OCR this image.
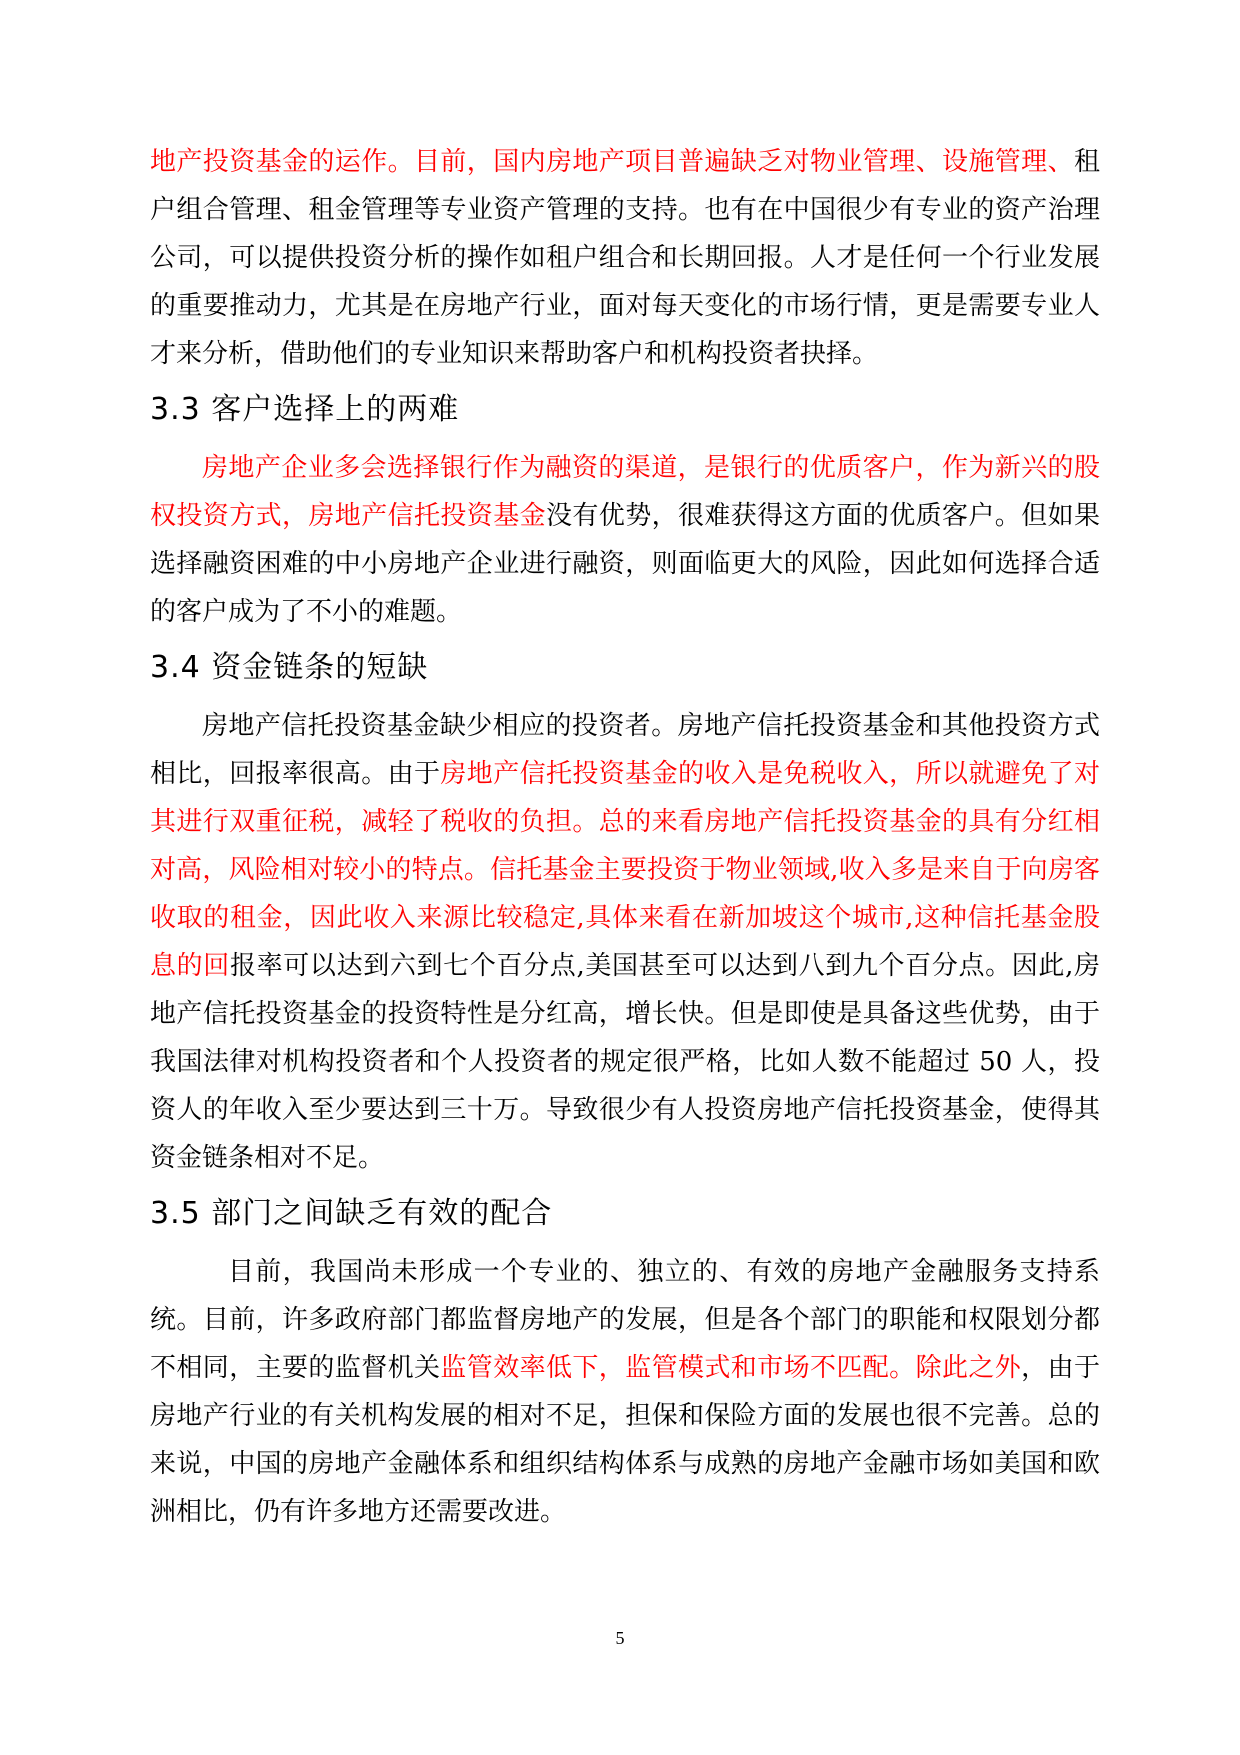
地产投资基金的运作。目前，国内房地产项目普遍缺乏对物业管理、设施管理、租户组合管理、租金管理等专业资产管理的支持。也有在中国很少有专业的资产治理公司，可以提供投资分析的操作如租户组合和长期回报。人才是任何一个行业发展的重要推动力，尤其是在房地产行业，面对每天变化的市场行情，更是需要专业人才来分析，借助他们的专业知识来帮助客户和机构投资者抉择。

3.3 客户选择上的两难

房地产企业多会选择银行作为融资的渠道，是银行的优质客户，作为新兴的股权投资方式，房地产信托投资基金没有优势，很难获得这方面的优质客户。但如果选择融资困难的中小房地产企业进行融资，则面临更大的风险，因此如何选择合适的客户成为了不小的难题。

3.4 资金链条的短缺

房地产信托投资基金缺少相应的投资者。房地产信托投资基金和其他投资方式相比，回报率很高。由于房地产信托投资基金的收入是免税收入，所以就避免了对其进行双重征税，减轻了税收的负担。总的来看房地产信托投资基金的具有分红相对高，风险相对较小的特点。信托基金主要投资于物业领域,收入多是来自于向房客收取的租金，因此收入来源比较稳定,具体来看在新加坡这个城市,这种信托基金股息的回报率可以达到六到七个百分点,美国甚至可以达到八到九个百分点。因此,房地产信托投资基金的投资特性是分红高，增长快。但是即使是具备这些优势，由于我国法律对机构投资者和个人投资者的规定很严格，比如人数不能超过 50 人，投资人的年收入至少要达到三十万。导致很少有人投资房地产信托投资基金，使得其资金链条相对不足。

3.5 部门之间缺乏有效的配合

目前，我国尚未形成一个专业的、独立的、有效的房地产金融服务支持系统。目前，许多政府部门都监督房地产的发展，但是各个部门的职能和权限划分都不相同，主要的监督机关监管效率低下，监管模式和市场不匹配。除此之外，由于房地产行业的有关机构发展的相对不足，担保和保险方面的发展也很不完善。总的来说，中国的房地产金融体系和组织结构体系与成熟的房地产金融市场如美国和欧洲相比，仍有许多地方还需要改进。

5
